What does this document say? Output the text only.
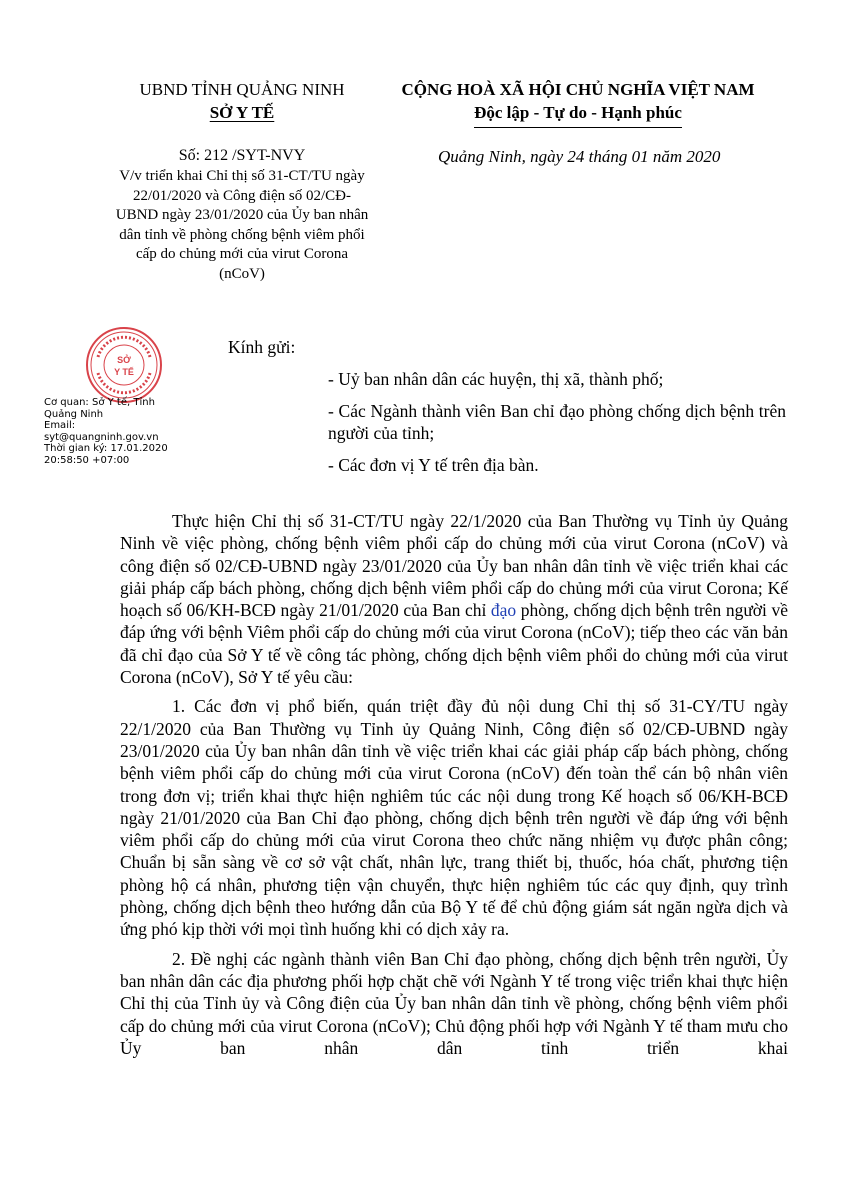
UBND TỈNH QUẢNG NINH
SỞ Y TẾ
CỘNG HOÀ XÃ HỘI CHỦ NGHĨA VIỆT NAM
Độc lập - Tự do - Hạnh phúc
Số: 212 /SYT-NVY	Quảng Ninh, ngày 24 tháng 01 năm 2020
V/v triển khai Chỉ thị số 31-CT/TU ngày 22/01/2020 và Công điện số 02/CĐ-UBND ngày 23/01/2020 của Ủy ban nhân dân tỉnh về phòng chống bệnh viêm phổi cấp do chủng mới của virut Corona (nCoV)
SỞ
Y TẾ
Cơ quan: Sở Y tế, Tỉnh
Quảng Ninh
Email:
syt@quangninh.gov.vn
Thời gian ký: 17.01.2020
20:58:50 +07:00
Kính gửi:
- Uỷ ban nhân dân các huyện, thị xã, thành phố;
- Các Ngành thành viên Ban chỉ đạo phòng chống dịch bệnh trên người của tỉnh;
- Các đơn vị Y tế trên địa bàn.

Thực hiện Chỉ thị số 31-CT/TU ngày 22/1/2020 của Ban Thường vụ Tỉnh ủy Quảng Ninh về việc phòng, chống bệnh viêm phổi cấp do chủng mới của virut Corona (nCoV) và công điện số 02/CĐ-UBND ngày 23/01/2020 của Ủy ban nhân dân tỉnh về việc triển khai các giải pháp cấp bách phòng, chống dịch bệnh viêm phổi cấp do chủng mới của virut Corona; Kế hoạch số 06/KH-BCĐ ngày 21/01/2020 của Ban chỉ đạo phòng, chống dịch bệnh trên người về đáp ứng với bệnh Viêm phổi cấp do chủng mới của virut Corona (nCoV); tiếp theo các văn bản đã chỉ đạo của Sở Y tế về công tác phòng, chống dịch bệnh viêm phổi do chủng mới của virut Corona (nCoV), Sở Y tế yêu cầu:

1. Các đơn vị phổ biến, quán triệt đầy đủ nội dung Chỉ thị số 31-CY/TU ngày 22/1/2020 của Ban Thường vụ Tỉnh ủy Quảng Ninh, Công điện số 02/CĐ-UBND ngày 23/01/2020 của Ủy ban nhân dân tỉnh về việc triển khai các giải pháp cấp bách phòng, chống bệnh viêm phổi cấp do chủng mới của virut Corona (nCoV) đến toàn thể cán bộ nhân viên trong đơn vị; triển khai thực hiện nghiêm túc các nội dung trong Kế hoạch số 06/KH-BCĐ ngày 21/01/2020 của Ban Chỉ đạo phòng, chống dịch bệnh trên người về đáp ứng với bệnh viêm phổi cấp do chủng mới của virut Corona theo chức năng nhiệm vụ được phân công; Chuẩn bị sẵn sàng về cơ sở vật chất, nhân lực, trang thiết bị, thuốc, hóa chất, phương tiện phòng hộ cá nhân, phương tiện vận chuyển, thực hiện nghiêm túc các quy định, quy trình phòng, chống dịch bệnh theo hướng dẫn của Bộ Y tế để chủ động giám sát ngăn ngừa dịch và ứng phó kịp thời với mọi tình huống khi có dịch xảy ra.

2. Đề nghị các ngành thành viên Ban Chỉ đạo phòng, chống dịch bệnh trên người, Ủy ban nhân dân các địa phương phối hợp chặt chẽ với Ngành Y tế trong việc triển khai thực hiện Chỉ thị của Tỉnh ủy và Công điện của Ủy ban nhân dân tỉnh về phòng, chống bệnh viêm phổi cấp do chủng mới của virut Corona (nCoV); Chủ động phối hợp với Ngành Y tế tham mưu cho Ủy ban nhân dân tỉnh triển khai
